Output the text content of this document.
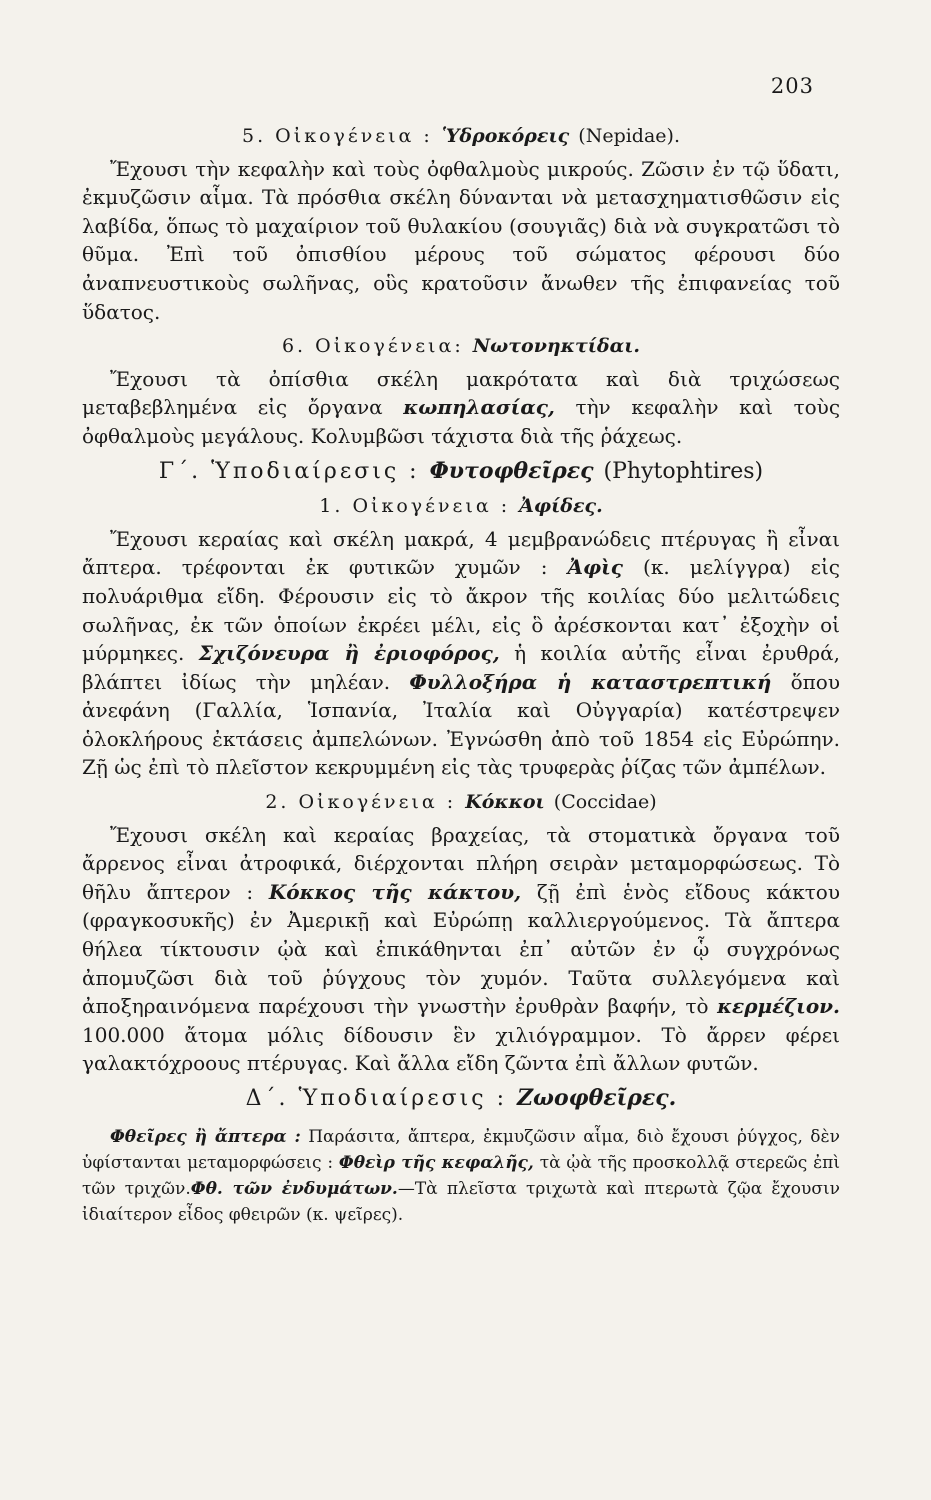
203
5. Οἰκογένεια : Ὑδροκόρεις (Nepidae).

Ἔχουσι τὴν κεφαλὴν καὶ τοὺς ὀφθαλμοὺς μικρούς. Ζῶσιν ἐν τῷ ὕδατι, ἐκμυζῶσιν αἷμα. Τὰ πρόσθια σκέλη δύνανται νὰ μετασχηματισθῶσιν εἰς λαβίδα, ὅπως τὸ μαχαίριον τοῦ θυλακίου (σουγιᾶς) διὰ νὰ συγκρατῶσι τὸ θῦμα. Ἐπὶ τοῦ ὀπισθίου μέρους τοῦ σώματος φέρουσι δύο ἀναπνευστικοὺς σωλῆνας, οὓς κρατοῦσιν ἄνωθεν τῆς ἐπιφανείας τοῦ ὕδατος.

6. Οἰκογένεια: Νωτονηκτίδαι.

Ἔχουσι τὰ ὀπίσθια σκέλη μακρότατα καὶ διὰ τριχώσεως μεταβεβλημένα εἰς ὄργανα κωπηλασίας, τὴν κεφαλὴν καὶ τοὺς ὀφθαλμοὺς μεγάλους. Κολυμβῶσι τάχιστα διὰ τῆς ῥάχεως.

Γ΄. Ὑποδιαίρεσις : Φυτοφθεῖρες (Phytophtires)
1. Οἰκογένεια : Ἀφίδες.

Ἔχουσι κεραίας καὶ σκέλη μακρά, 4 μεμβρανώδεις πτέρυγας ἢ εἶναι ἄπτερα. τρέφονται ἐκ φυτικῶν χυμῶν : Ἀφὶς (κ. μελίγγρα) εἰς πολυάριθμα εἴδη. Φέρουσιν εἰς τὸ ἄκρον τῆς κοιλίας δύο μελιτώδεις σωλῆνας, ἐκ τῶν ὁποίων ἐκρέει μέλι, εἰς ὃ ἀρέσκονται κατ᾿ ἐξοχὴν οἱ μύρμηκες. Σχιζόνευρα ἢ ἐριοφόρος, ἡ κοιλία αὐτῆς εἶναι ἐρυθρά, βλάπτει ἰδίως τὴν μηλέαν. Φυλλοξήρα ἡ καταστρεπτική ὅπου ἀνεφάνη (Γαλλία, Ἱσπανία, Ἰταλία καὶ Οὐγγαρία) κατέστρεψεν ὁλοκλήρους ἐκτάσεις ἀμπελώνων. Ἐγνώσθη ἀπὸ τοῦ 1854 εἰς Εὐρώπην. Ζῇ ὡς ἐπὶ τὸ πλεῖστον κεκρυμμένη εἰς τὰς τρυφερὰς ῥίζας τῶν ἀμπέλων.

2. Οἰκογένεια : Κόκκοι (Coccidae)

Ἔχουσι σκέλη καὶ κεραίας βραχείας, τὰ στοματικὰ ὄργανα τοῦ ἄρρενος εἶναι ἀτροφικά, διέρχονται πλήρη σειρὰν μεταμορφώσεως. Τὸ θῆλυ ἄπτερον : Κόκκος τῆς κάκτου, ζῇ ἐπὶ ἑνὸς εἴδους κάκτου (φραγκοσυκῆς) ἐν Ἀμερικῇ καὶ Εὐρώπῃ καλλιεργούμενος. Τὰ ἄπτερα θήλεα τίκτουσιν ᾠὰ καὶ ἐπικάθηνται ἐπ᾿ αὐτῶν ἐν ᾧ συγχρόνως ἀπομυζῶσι διὰ τοῦ ῥύγχους τὸν χυμόν. Ταῦτα συλλεγόμενα καὶ ἀποξηραινόμενα παρέχουσι τὴν γνωστὴν ἐρυθρὰν βαφήν, τὸ κερμέζιον. 100.000 ἄτομα μόλις δίδουσιν ἓν χιλιόγραμμον. Τὸ ἄρρεν φέρει γαλακτόχροους πτέρυγας. Καὶ ἄλλα εἴδη ζῶντα ἐπὶ ἄλλων φυτῶν.

Δ΄. Ὑποδιαίρεσις : Ζωοφθεῖρες.

Φθεῖρες ἢ ἄπτερα : Παράσιτα, ἄπτερα, ἐκμυζῶσιν αἷμα, διὸ ἔχουσι ῥύγχος, δὲν ὑφίστανται μεταμορφώσεις : Φθεὶρ τῆς κεφαλῆς, τὰ ᾠὰ τῆς προσκολλᾷ στερεῶς ἐπὶ τῶν τριχῶν.Φθ. τῶν ἐνδυμάτων.—Τὰ πλεῖστα τριχωτὰ καὶ πτερωτὰ ζῷα ἔχουσιν ἰδιαίτερον εἶδος φθειρῶν (κ. ψεῖρες).
